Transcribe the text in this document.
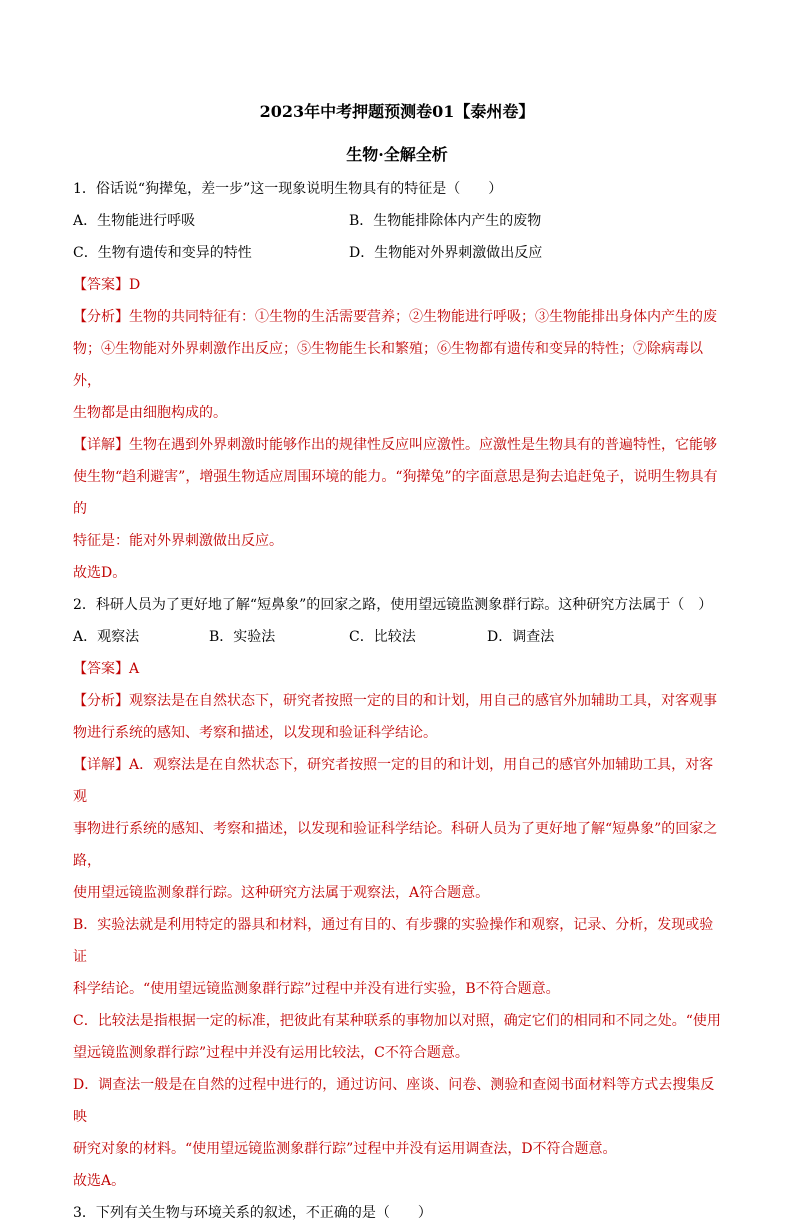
2023年中考押题预测卷01【泰州卷】
生物·全解全析
1．俗话说“狗撵兔，差一步”这一现象说明生物具有的特征是（　　）
A．生物能进行呼吸	B．生物能排除体内产生的废物
C．生物有遗传和变异的特性	D．生物能对外界刺激做出反应
【答案】D
【分析】生物的共同特征有：①生物的生活需要营养；②生物能进行呼吸；③生物能排出身体内产生的废
物；④生物能对外界刺激作出反应；⑤生物能生长和繁殖；⑥生物都有遗传和变异的特性；⑦除病毒以外，
生物都是由细胞构成的。
【详解】生物在遇到外界刺激时能够作出的规律性反应叫应激性。应激性是生物具有的普遍特性，它能够
使生物“趋利避害”，增强生物适应周围环境的能力。“狗撵兔”的字面意思是狗去追赶兔子，说明生物具有的
特征是：能对外界刺激做出反应。
故选D。
2．科研人员为了更好地了解“短鼻象”的回家之路，使用望远镜监测象群行踪。这种研究方法属于（　）
A．观察法	B．实验法	C．比较法	D．调查法
【答案】A
【分析】观察法是在自然状态下，研究者按照一定的目的和计划，用自己的感官外加辅助工具，对客观事
物进行系统的感知、考察和描述，以发现和验证科学结论。
【详解】A．观察法是在自然状态下，研究者按照一定的目的和计划，用自己的感官外加辅助工具，对客观
事物进行系统的感知、考察和描述，以发现和验证科学结论。科研人员为了更好地了解“短鼻象”的回家之路，
使用望远镜监测象群行踪。这种研究方法属于观察法，A符合题意。
B．实验法就是利用特定的器具和材料，通过有目的、有步骤的实验操作和观察，记录、分析，发现或验证
科学结论。“使用望远镜监测象群行踪”过程中并没有进行实验，B不符合题意。
C．比较法是指根据一定的标准，把彼此有某种联系的事物加以对照，确定它们的相同和不同之处。“使用
望远镜监测象群行踪”过程中并没有运用比较法，C不符合题意。
D．调查法一般是在自然的过程中进行的，通过访问、座谈、问卷、测验和查阅书面材料等方式去搜集反映
研究对象的材料。“使用望远镜监测象群行踪”过程中并没有运用调查法，D不符合题意。
故选A。
3．下列有关生物与环境关系的叙述，不正确的是（　　）
